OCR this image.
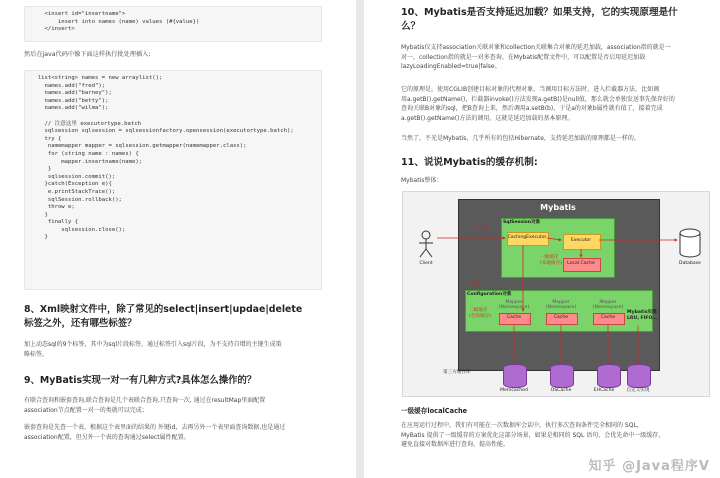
<insert id="insertname">
insert into names (name) values (#{value})
</insert>
然后在java代码中像下面这样执行批处理插入:
list<string> names = new arraylist();
names.add("fred");
names.add("barney");
names.add("betty");
names.add("wilma");

// 注意这里 executortype.batch
sqlsession sqlsession = sqlsessionfactory.opensession(executortype.batch);
try {
namemapper mapper = sqlsession.getmapper(namemapper.class);
for (string name : names) {
mapper.insertname(name);
}
sqlsession.commit();
}catch(Exception e){
e.printStackTrace();
sqlSession.rollback();
throw e;
}
finally {
sqlsession.close();
}
8、Xml映射文件中，除了常见的select|insert|updae|delete
标签之外，还有哪些标签？
加上动态sql的9个标签，其中为sql片段标签，通过标签引入sql片段，为不支持自增的主键生成策
略标签。
9、MyBatis实现一对一有几种方式?具体怎么操作的？
有联合查询和嵌套查询,联合查询是几个表联合查询,只查询一次, 通过在resultMap里面配置
association节点配置一对一的类就可以完成；
嵌套查询是先查一个表，根据这个表里面的结果的 外键id，去再另外一个表里面查询数据,也是通过
association配置，但另外一个表的查询通过select属性配置。
10、Mybatis是否支持延迟加载？如果支持，它的实现原理是什
么？
Mybatis仅支持association关联对象和collection关联集合对象的延迟加载，association指的就是一
对一，collection指的就是一对多查询。在Mybatis配置文件中，可以配置是否启用延迟加载
lazyLoadingEnabled=true|false。
它的原理是，使用CGLIB创建目标对象的代理对象，当调用目标方法时，进入拦截器方法，比如调
用a.getB().getName()，拦截器invoke()方法发现a.getB()是null值，那么就会单独发送事先保存好的
查询关联B对象的sql，把B查询上来，然后调用a.setB(b)，于是a的对象b属性就有值了，接着完成
a.getB().getName()方法的调用。这就是延迟加载的基本原理。
当然了，不光是Mybatis，几乎所有的包括Hibernate，支持延迟加载的原理都是一样的。
11、说说Mybatis的缓存机制:
Mybatis整体：
一级缓存localCache
在应用运行过程中，我们有可能在一次数据库会话中，执行多次查询条件完全相同的 SQL，
MyBatis 提供了一级缓存的方案优化这部分场景，如果是相同的 SQL 语句，会优先命中一级缓存，
避免直接对数据库进行查询，提高性能。
知乎 @Java程序V
Mybatis
SqlSession对象
CachingExecutor
Executor
Local Cache
一级缓存
(本地缓存)
一次会话
全局
Configuration对象
二级缓存
(全局缓存)
Mapper
(Namespace)
Cache
Mapper
(Namespace)
Cache
Mapper
(Namespace)
Cache
Mybatis实现
LRU, FIFO...
Client	Database
第三方缓存库
Memcached	OSCache	EHCache	自定义实现
